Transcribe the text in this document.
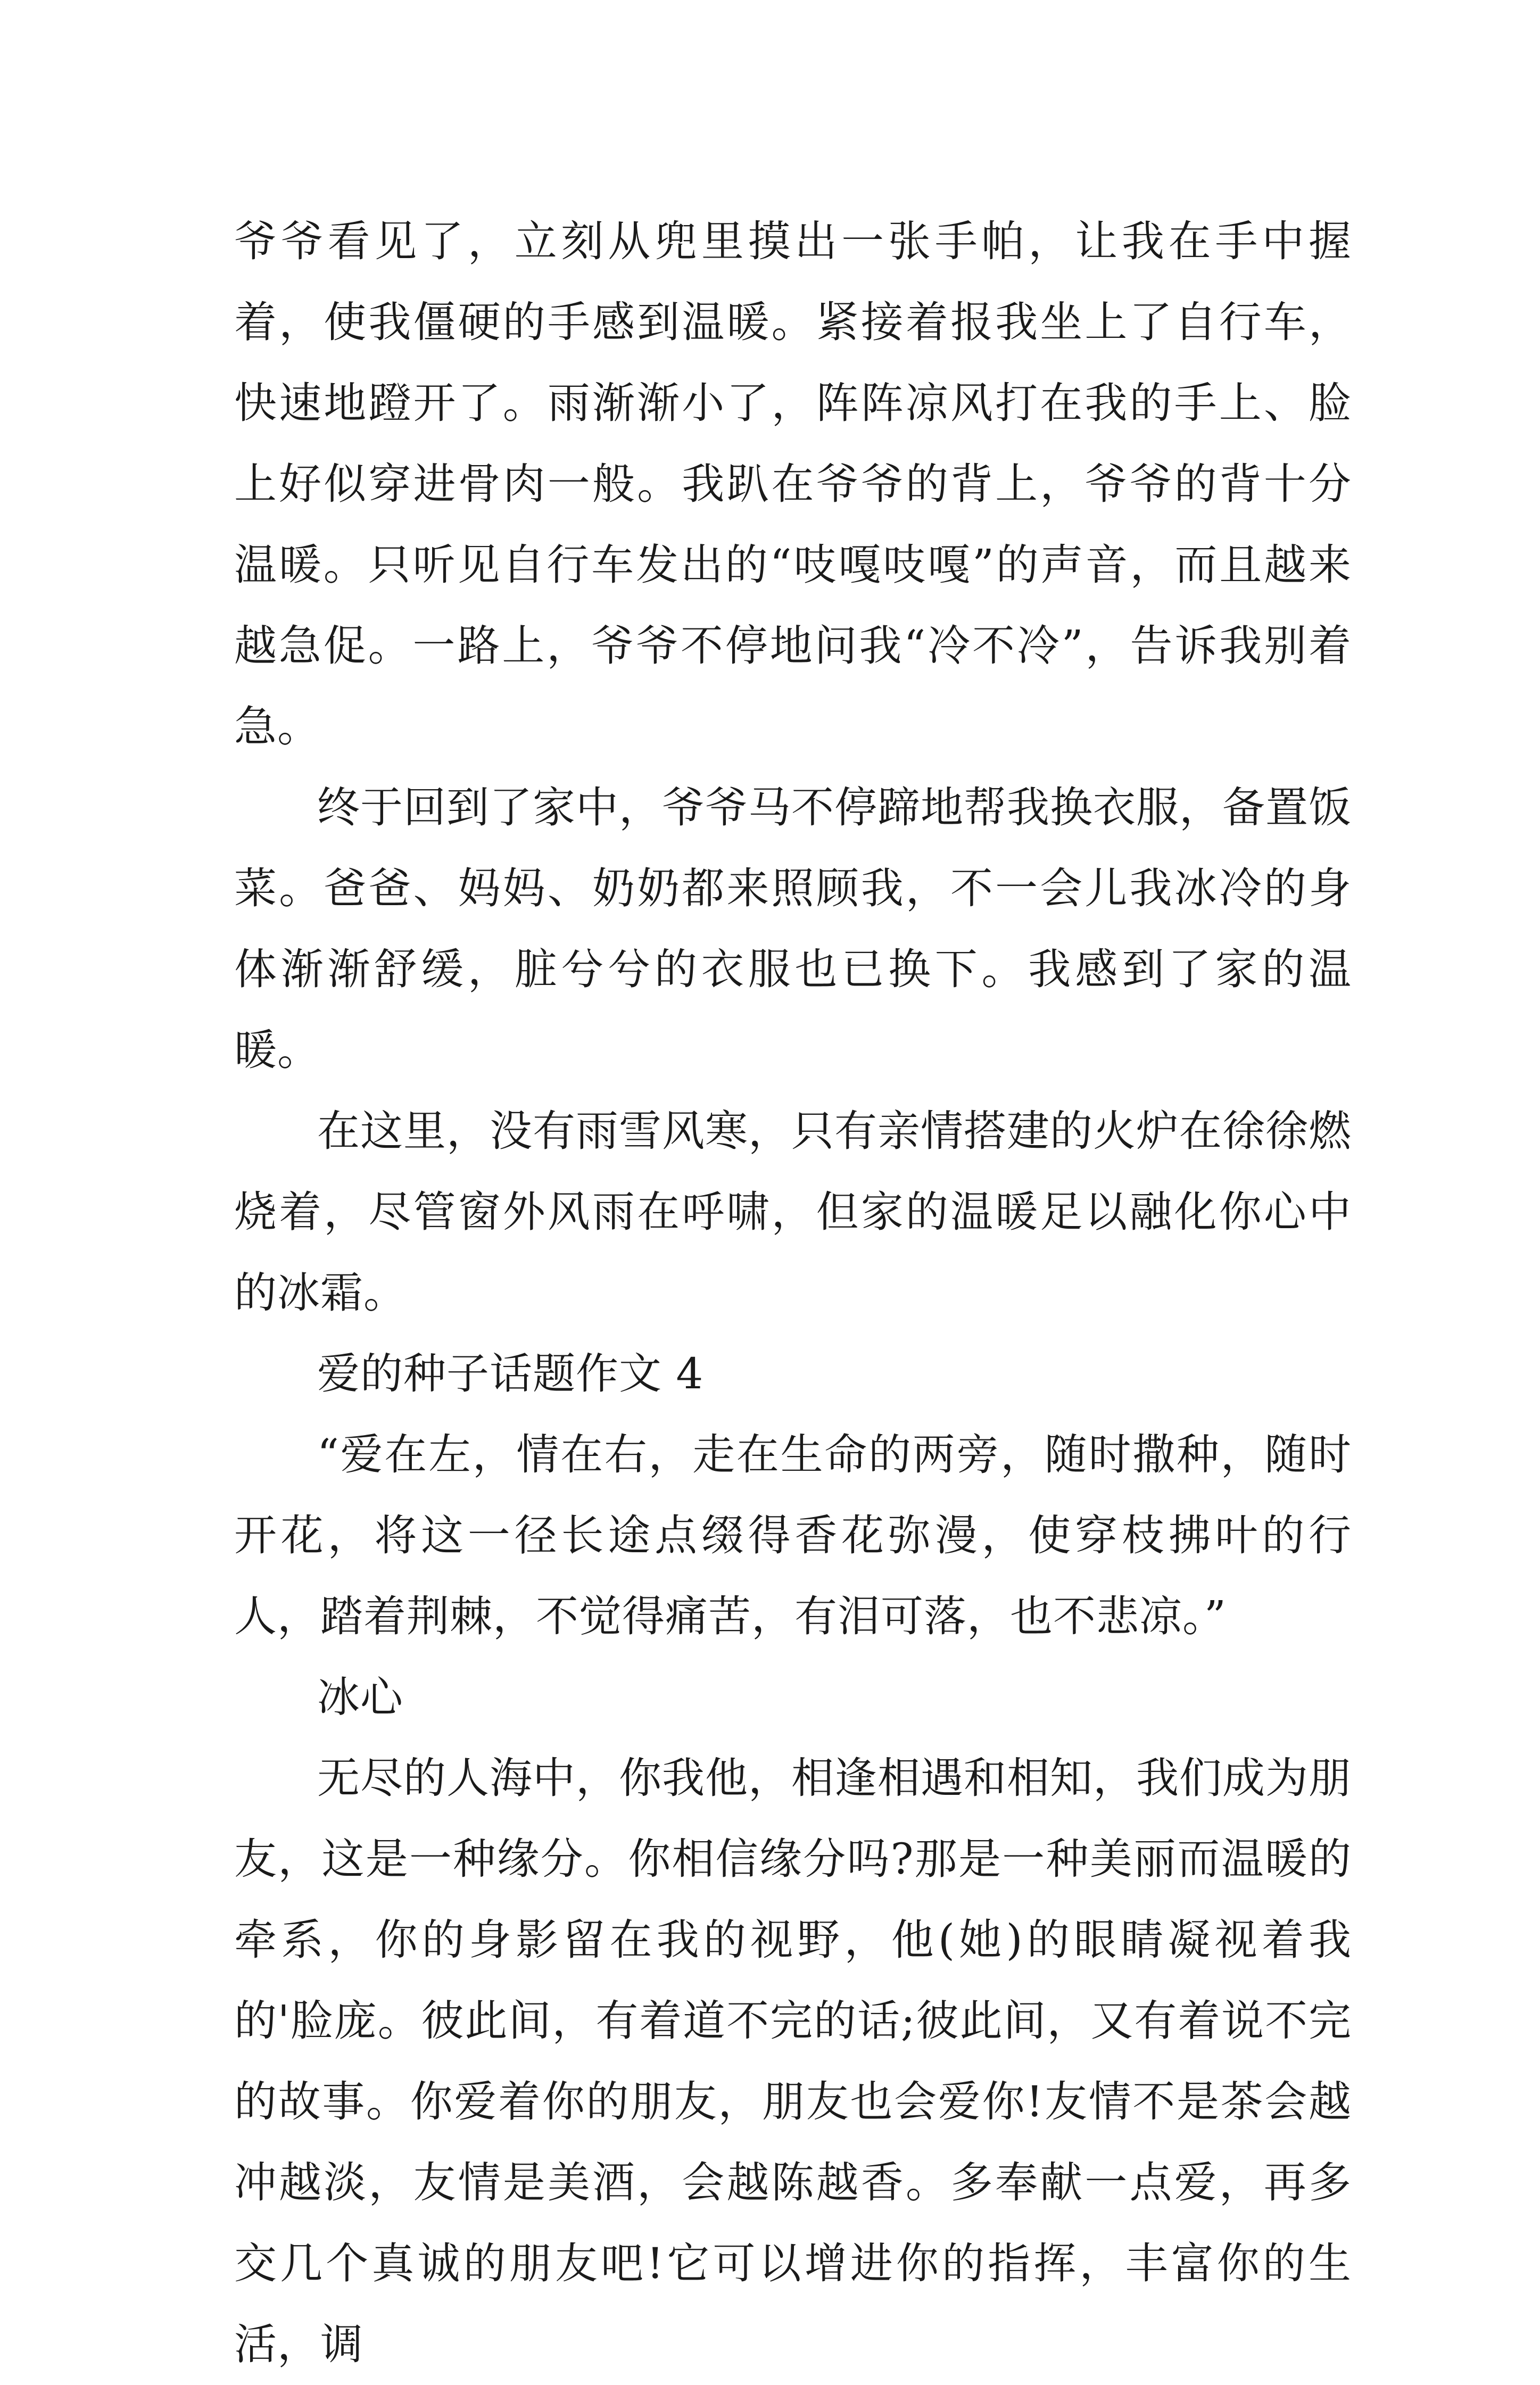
爷爷看见了，立刻从兜里摸出一张手帕，让我在手中握着，使我僵硬的手感到温暖。紧接着报我坐上了自行车，快速地蹬开了。雨渐渐小了，阵阵凉风打在我的手上、脸上好似穿进骨肉一般。我趴在爷爷的背上，爷爷的背十分温暖。只听见自行车发出的“吱嘎吱嘎”的声音，而且越来越急促。一路上，爷爷不停地问我“冷不冷”，告诉我别着急。

终于回到了家中，爷爷马不停蹄地帮我换衣服，备置饭菜。爸爸、妈妈、奶奶都来照顾我，不一会儿我冰冷的身体渐渐舒缓，脏兮兮的衣服也已换下。我感到了家的温暖。

在这里，没有雨雪风寒，只有亲情搭建的火炉在徐徐燃烧着，尽管窗外风雨在呼啸，但家的温暖足以融化你心中的冰霜。

爱的种子话题作文 4

“爱在左，情在右，走在生命的两旁，随时撒种，随时开花，将这一径长途点缀得香花弥漫，使穿枝拂叶的行人，踏着荆棘，不觉得痛苦，有泪可落，也不悲凉。”

冰心

无尽的人海中，你我他，相逢相遇和相知，我们成为朋友，这是一种缘分。你相信缘分吗?那是一种美丽而温暖的牵系，你的身影留在我的视野，他(她)的眼睛凝视着我的'脸庞。彼此间，有着道不完的话;彼此间，又有着说不完的故事。你爱着你的朋友，朋友也会爱你!友情不是茶会越冲越淡，友情是美酒，会越陈越香。多奉献一点爱，再多交几个真诚的朋友吧!它可以增进你的指挥，丰富你的生活，调
